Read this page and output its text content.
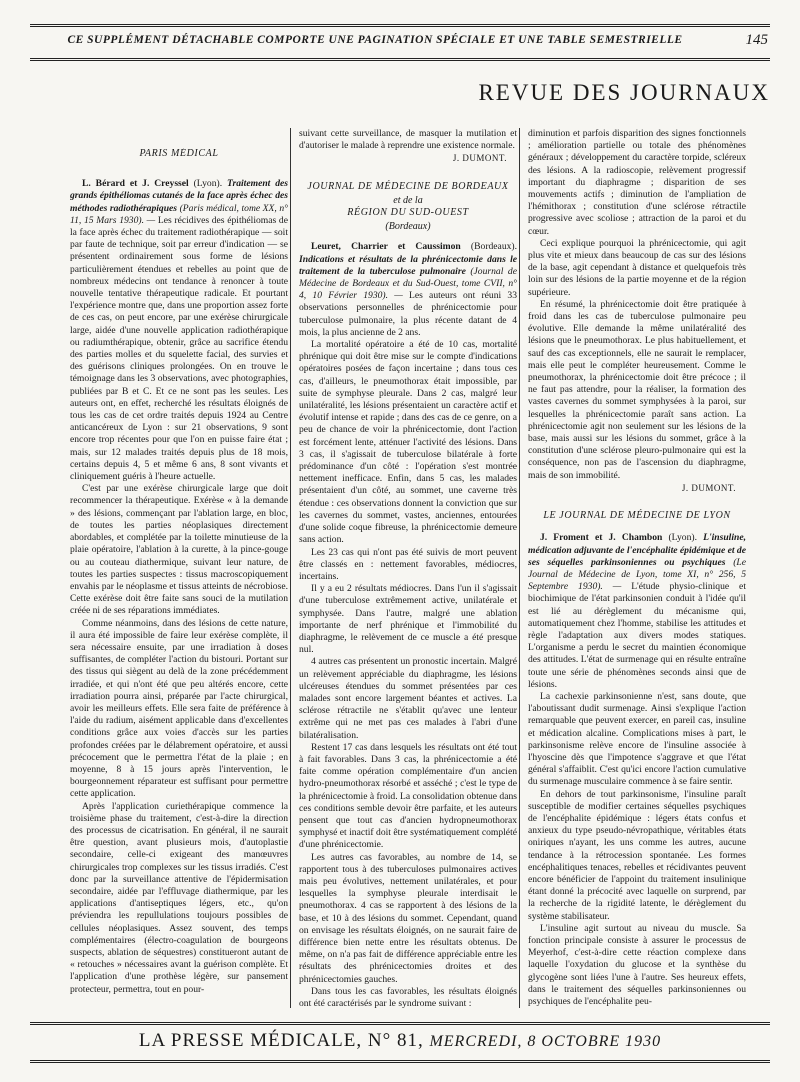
CE SUPPLÉMENT DÉTACHABLE COMPORTE UNE PAGINATION SPÉCIALE ET UNE TABLE SEMESTRIELLE	145
REVUE DES JOURNAUX
PARIS MÉDICAL

L. Bérard et J. Creyssel (Lyon). Traitement des grands épithéliomas cutanés de la face après échec des méthodes radiothérapiques (Paris médical, tome XX, n° 11, 15 Mars 1930). — Les récidives des épithéliomas de la face après échec du traitement radiothérapique — soit par faute de technique, soit par erreur d'indication — se présentent ordinairement sous forme de lésions particulièrement étendues et rebelles au point que de nombreux médecins ont tendance à renoncer à toute nouvelle tentative thérapeutique radicale. Et pourtant l'expérience montre que, dans une proportion assez forte de ces cas, on peut encore, par une exérèse chirurgicale large, aidée d'une nouvelle application radiothérapique ou radiumthérapique, obtenir, grâce au sacrifice étendu des parties molles et du squelette facial, des survies et des guérisons cliniques prolongées. On en trouve le témoignage dans les 3 observations, avec photographies, publiées par B et C. Et ce ne sont pas les seules. Les auteurs ont, en effet, recherché les résultats éloignés de tous les cas de cet ordre traités depuis 1924 au Centre anticancéreux de Lyon : sur 21 observations, 9 sont encore trop récentes pour que l'on en puisse faire état ; mais, sur 12 malades traités depuis plus de 18 mois, certains depuis 4, 5 et même 6 ans, 8 sont vivants et cliniquement guéris à l'heure actuelle.

C'est par une exérèse chirurgicale large que doit recommencer la thérapeutique. Exérèse « à la demande » des lésions, commençant par l'ablation large, en bloc, de toutes les parties néoplasiques directement abordables, et complétée par la toilette minutieuse de la plaie opératoire, l'ablation à la curette, à la pince-gouge ou au couteau diathermique, suivant leur nature, de toutes les parties suspectes : tissus macroscopiquement envahis par le néoplasme et tissus atteints de nécrobiose. Cette exérèse doit être faite sans souci de la mutilation créée ni de ses réparations immédiates.

Comme néanmoins, dans des lésions de cette nature, il aura été impossible de faire leur exérèse complète, il sera nécessaire ensuite, par une irradiation à doses suffisantes, de compléter l'action du bistouri. Portant sur des tissus qui siègent au delà de la zone précédemment irradiée, et qui n'ont été que peu altérés encore, cette irradiation pourra ainsi, préparée par l'acte chirurgical, avoir les meilleurs effets. Elle sera faite de préférence à l'aide du radium, aisément applicable dans d'excellentes conditions grâce aux voies d'accès sur les parties profondes créées par le délabrement opératoire, et aussi précocement que le permettra l'état de la plaie ; en moyenne, 8 à 15 jours après l'intervention, le bourgeonnement réparateur est suffisant pour permettre cette application.

Après l'application curiethérapique commence la troisième phase du traitement, c'est-à-dire la direction des processus de cicatrisation. En général, il ne saurait être question, avant plusieurs mois, d'autoplastie secondaire, celle-ci exigeant des manœuvres chirurgicales trop complexes sur les tissus irradiés. C'est donc par la surveillance attentive de l'épidermisation secondaire, aidée par l'effluvage diathermique, par les applications d'antiseptiques légers, etc., qu'on préviendra les repullulations toujours possibles de cellules néoplasiques. Assez souvent, des temps complémentaires (électro-coagulation de bourgeons suspects, ablation de séquestres) constitueront autant de « retouches » nécessaires avant la guérison complète. Et l'application d'une prothèse légère, sur pansement protecteur, permettra, tout en pour-

suivant cette surveillance, de masquer la mutilation et d'autoriser le malade à reprendre une existence normale.

J. DUMONT.
JOURNAL DE MÉDECINE DE BORDEAUX
et de la
RÉGION DU SUD-OUEST
(Bordeaux)

Leuret, Charrier et Caussimon (Bordeaux). Indications et résultats de la phrénicectomie dans le traitement de la tuberculose pulmonaire (Journal de Médecine de Bordeaux et du Sud-Ouest, tome CVII, n° 4, 10 Février 1930). — Les auteurs ont réuni 33 observations personnelles de phrénicectomie pour tuberculose pulmonaire, la plus récente datant de 4 mois, la plus ancienne de 2 ans.

La mortalité opératoire a été de 10 cas, mortalité phrénique qui doit être mise sur le compte d'indications opératoires posées de façon incertaine ; dans tous ces cas, d'ailleurs, le pneumothorax était impossible, par suite de symphyse pleurale. Dans 2 cas, malgré leur unilatéralité, les lésions présentaient un caractère actif et évolutif intense et rapide ; dans des cas de ce genre, on a peu de chance de voir la phrénicectomie, dont l'action est forcément lente, atténuer l'activité des lésions. Dans 3 cas, il s'agissait de tuberculose bilatérale à forte prédominance d'un côté : l'opération s'est montrée nettement inefficace. Enfin, dans 5 cas, les malades présentaient d'un côté, au sommet, une caverne très étendue : ces observations donnent la conviction que sur les cavernes du sommet, vastes, anciennes, entourées d'une solide coque fibreuse, la phrénicectomie demeure sans action.

Les 23 cas qui n'ont pas été suivis de mort peuvent être classés en : nettement favorables, médiocres, incertains.

Il y a eu 2 résultats médiocres. Dans l'un il s'agissait d'une tuberculose extrêmement active, unilatérale et symphysée. Dans l'autre, malgré une ablation importante de nerf phrénique et l'immobilité du diaphragme, le relèvement de ce muscle a été presque nul.

4 autres cas présentent un pronostic incertain. Malgré un relèvement appréciable du diaphragme, les lésions ulcéreuses étendues du sommet présentées par ces malades sont encore largement béantes et actives. La sclérose rétractile ne s'établit qu'avec une lenteur extrême qui ne met pas ces malades à l'abri d'une bilatéralisation.

Restent 17 cas dans lesquels les résultats ont été tout à fait favorables. Dans 3 cas, la phrénicectomie a été faite comme opération complémentaire d'un ancien hydro-pneumothorax résorbé et asséché ; c'est le type de la phrénicectomie à froid. La consolidation obtenue dans ces conditions semble devoir être parfaite, et les auteurs pensent que tout cas d'ancien hydropneumothorax symphysé et inactif doit être systématiquement complété d'une phrénicectomie.

Les autres cas favorables, au nombre de 14, se rapportent tous à des tuberculoses pulmonaires actives mais peu évolutives, nettement unilatérales, et pour lesquelles la symphyse pleurale interdisait le pneumothorax. 4 cas se rapportent à des lésions de la base, et 10 à des lésions du sommet. Cependant, quand on envisage les résultats éloignés, on ne saurait faire de différence bien nette entre les résultats obtenus. De même, on n'a pas fait de différence appréciable entre les résultats des phrénicectomies droites et des phrénicectomies gauches.

Dans tous les cas favorables, les résultats éloignés ont été caractérisés par le syndrome suivant :

diminution et parfois disparition des signes fonctionnels ; amélioration partielle ou totale des phénomènes généraux ; développement du caractère torpide, scléreux des lésions. A la radioscopie, relèvement progressif important du diaphragme ; disparition de ses mouvements actifs ; diminution de l'ampliation de l'hémithorax ; constitution d'une sclérose rétractile progressive avec scoliose ; attraction de la paroi et du cœur.

Ceci explique pourquoi la phrénicectomie, qui agit plus vite et mieux dans beaucoup de cas sur des lésions de la base, agit cependant à distance et quelquefois très loin sur des lésions de la partie moyenne et de la région supérieure.

En résumé, la phrénicectomie doit être pratiquée à froid dans les cas de tuberculose pulmonaire peu évolutive. Elle demande la même unilatéralité des lésions que le pneumothorax. Le plus habituellement, et sauf des cas exceptionnels, elle ne saurait le remplacer, mais elle peut le compléter heureusement. Comme le pneumothorax, la phrénicectomie doit être précoce ; il ne faut pas attendre, pour la réaliser, la formation des vastes cavernes du sommet symphysées à la paroi, sur lesquelles la phrénicectomie paraît sans action. La phrénicectomie agit non seulement sur les lésions de la base, mais aussi sur les lésions du sommet, grâce à la constitution d'une sclérose pleuro-pulmonaire qui est la conséquence, non pas de l'ascension du diaphragme, mais de son immobilité.

J. DUMONT.
LE JOURNAL DE MÉDECINE DE LYON

J. Froment et J. Chambon (Lyon). L'insuline, médication adjuvante de l'encéphalite épidémique et de ses séquelles parkinsoniennes ou psychiques (Le Journal de Médecine de Lyon, tome XI, n° 256, 5 Septembre 1930). — L'étude physio-clinique et biochimique de l'état parkinsonien conduit à l'idée qu'il est lié au dérèglement du mécanisme qui, automatiquement chez l'homme, stabilise les attitudes et règle l'adaptation aux divers modes statiques. L'organisme a perdu le secret du maintien économique des attitudes. L'état de surmenage qui en résulte entraîne toute une série de phénomènes seconds ainsi que de lésions.

La cachexie parkinsonienne n'est, sans doute, que l'aboutissant dudit surmenage. Ainsi s'explique l'action remarquable que peuvent exercer, en pareil cas, insuline et médication alcaline. Complications mises à part, le parkinsonisme relève encore de l'insuline associée à l'hyoscine dès que l'impotence s'aggrave et que l'état général s'affaiblit. C'est qu'ici encore l'action cumulative du surmenage musculaire commence à se faire sentir.

En dehors de tout parkinsonisme, l'insuline paraît susceptible de modifier certaines séquelles psychiques de l'encéphalite épidémique : légers états confus et anxieux du type pseudo-névropathique, véritables états oniriques n'ayant, les uns comme les autres, aucune tendance à la rétrocession spontanée. Les formes encéphalitiques tenaces, rebelles et récidivantes peuvent encore bénéficier de l'appoint du traitement insulinique étant donné la précocité avec laquelle on surprend, par la recherche de la rigidité latente, le dérèglement du système stabilisateur.

L'insuline agit surtout au niveau du muscle. Sa fonction principale consiste à assurer le processus de Meyerhof, c'est-à-dire cette réaction complexe dans laquelle l'oxydation du glucose et la synthèse du glycogène sont liées l'une à l'autre. Ses heureux effets, dans le traitement des séquelles parkinsoniennes ou psychiques de l'encéphalite peu-

LA PRESSE MÉDICALE, N° 81, MERCREDI, 8 OCTOBRE 1930
